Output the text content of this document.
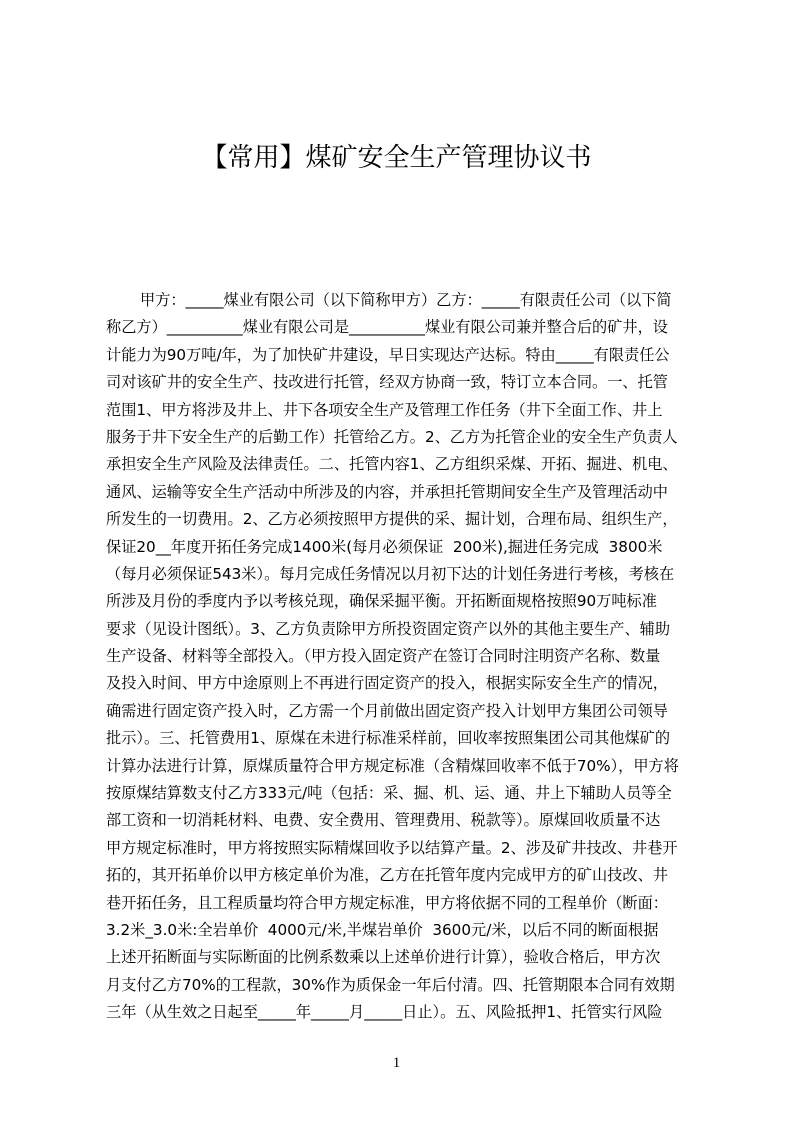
【常用】煤矿安全生产管理协议书
甲方：_____煤业有限公司（以下简称甲方）乙方：_____有限责任公司（以下简
称乙方）__________煤业有限公司是__________煤业有限公司兼并整合后的矿井，设
计能力为90万吨/年，为了加快矿井建设，早日实现达产达标。特由_____有限责任公
司对该矿井的安全生产、技改进行托管，经双方协商一致，特订立本合同。一、托管
范围1、甲方将涉及井上、井下各项安全生产及管理工作任务（井下全面工作、井上
服务于井下安全生产的后勤工作）托管给乙方。2、乙方为托管企业的安全生产负责人
承担安全生产风险及法律责任。二、托管内容1、乙方组织采煤、开拓、掘进、机电、
通风、运输等安全生产活动中所涉及的内容，并承担托管期间安全生产及管理活动中
所发生的一切费用。2、乙方必须按照甲方提供的采、掘计划，合理布局、组织生产，
保证20__年度开拓任务完成1400米(每月必须保证  200米),掘进任务完成  3800米
（每月必须保证543米）。每月完成任务情况以月初下达的计划任务进行考核，考核在
所涉及月份的季度内予以考核兑现，确保采掘平衡。开拓断面规格按照90万吨标准
要求（见设计图纸）。3、乙方负责除甲方所投资固定资产以外的其他主要生产、辅助
生产设备、材料等全部投入。（甲方投入固定资产在签订合同时注明资产名称、数量
及投入时间、甲方中途原则上不再进行固定资产的投入，根据实际安全生产的情况，
确需进行固定资产投入时，乙方需一个月前做出固定资产投入计划甲方集团公司领导
批示）。三、托管费用1、原煤在未进行标准采样前，回收率按照集团公司其他煤矿的
计算办法进行计算，原煤质量符合甲方规定标准（含精煤回收率不低于70%），甲方将
按原煤结算数支付乙方333元/吨（包括：采、掘、机、运、通、井上下辅助人员等全
部工资和一切消耗材料、电费、安全费用、管理费用、税款等）。原煤回收质量不达
甲方规定标准时，甲方将按照实际精煤回收予以结算产量。2、涉及矿井技改、井巷开
拓的，其开拓单价以甲方核定单价为准，乙方在托管年度内完成甲方的矿山技改、井
巷开拓任务，且工程质量均符合甲方规定标准，甲方将依据不同的工程单价（断面：
3.2米_3.0米:全岩单价  4000元/米,半煤岩单价  3600元/米，以后不同的断面根据
上述开拓断面与实际断面的比例系数乘以上述单价进行计算），验收合格后，甲方次
月支付乙方70%的工程款，30%作为质保金一年后付清。四、托管期限本合同有效期
三年（从生效之日起至_____年_____月_____日止）。五、风险抵押1、托管实行风险
1
